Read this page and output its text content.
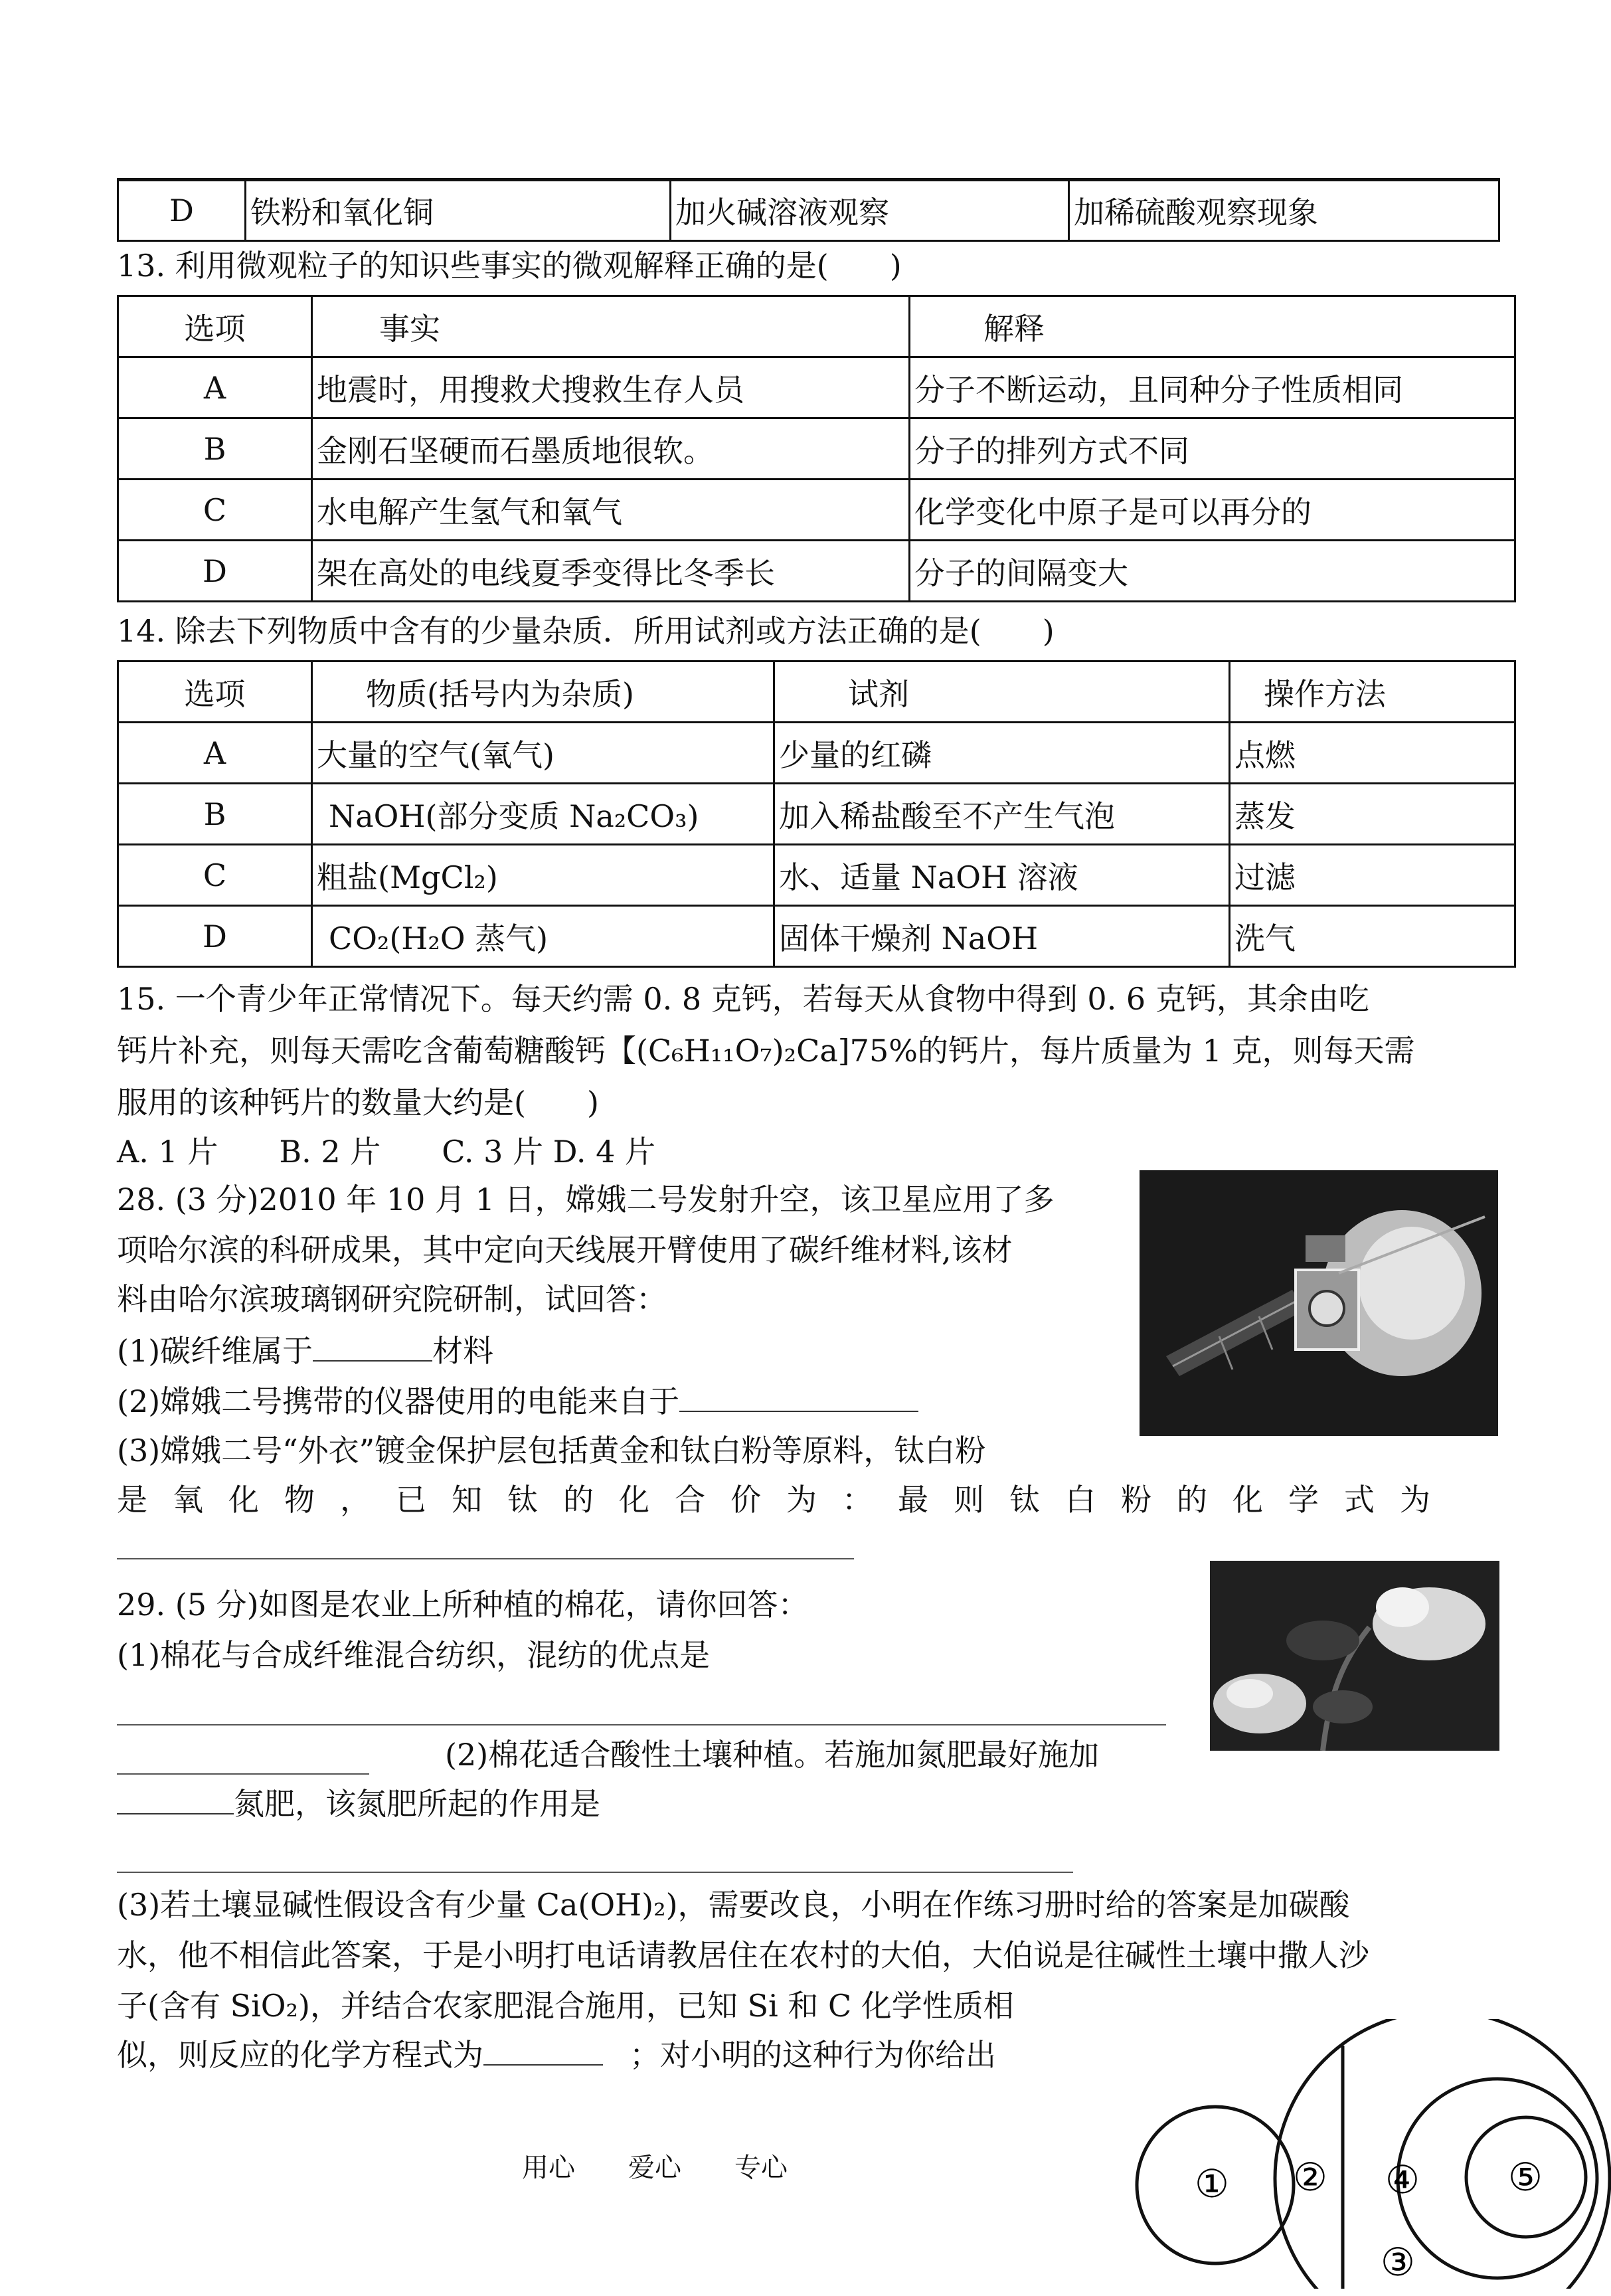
D	铁粉和氧化铜	加火碱溶液观察	加稀硫酸观察现象
13. 利用微观粒子的知识些事实的微观解释正确的是(　　)
选项	事实	解释
A	地震时，用搜救犬搜救生存人员	分子不断运动，且同种分子性质相同
B	金刚石坚硬而石墨质地很软。	分子的排列方式不同
C	水电解产生氢气和氧气	化学变化中原子是可以再分的
D	架在高处的电线夏季变得比冬季长	分子的间隔变大
14. 除去下列物质中含有的少量杂质．所用试剂或方法正确的是(　　)
选项	物质(括号内为杂质)	试剂	操作方法
A	大量的空气(氧气)	少量的红磷	点燃
B	NaOH(部分变质 Na₂CO₃)	加入稀盐酸至不产生气泡	蒸发
C	粗盐(MgCl₂)	水、适量 NaOH 溶液	过滤
D	CO₂(H₂O 蒸气)	固体干燥剂 NaOH	洗气
15. 一个青少年正常情况下。每天约需 0. 8 克钙，若每天从食物中得到 0. 6 克钙，其余由吃
钙片补充，则每天需吃含葡萄糖酸钙【(C₆H₁₁O₇)₂Ca]75%的钙片，每片质量为 1 克，则每天需
服用的该种钙片的数量大约是(　　)
A. 1 片　　B. 2 片　　C. 3 片 D. 4 片
28. (3 分)2010 年 10 月 1 日，嫦娥二号发射升空，该卫星应用了多
项哈尔滨的科研成果，其中定向天线展开臂使用了碳纤维材料,该材
料由哈尔滨玻璃钢研究院研制，试回答：
(1)碳纤维属于	材料
(2)嫦娥二号携带的仪器使用的电能来自于
(3)嫦娥二号“外衣”镀金保护层包括黄金和钛白粉等原料，钛白粉
是氧化物，已知钛的化合价为：最则钛白粉的化学式为
29. (5 分)如图是农业上所种植的棉花，请你回答：
(1)棉花与合成纤维混合纺织，混纺的优点是
(2)棉花适合酸性土壤种植。若施加氮肥最好施加
氮肥，该氮肥所起的作用是
(3)若土壤显碱性假设含有少量 Ca(OH)₂)，需要改良，小明在作练习册时给的答案是加碳酸
水，他不相信此答案，于是小明打电话请教居住在农村的大伯，大伯说是往碱性土壤中撒人沙
子(含有 SiO₂)，并结合农家肥混合施用，已知 Si 和 C 化学性质相
似，则反应的化学方程式为	；对小明的这种行为你给出
用心　　爱心　　专心	① ②
③
④ ⑤
